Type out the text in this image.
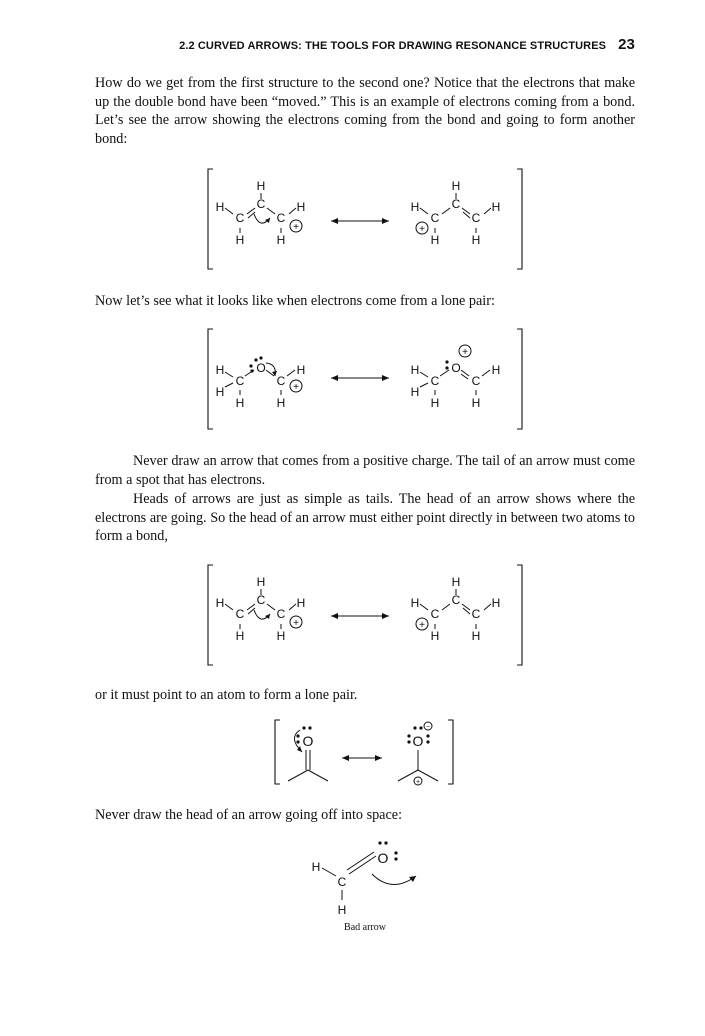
2.2 CURVED ARROWS: THE TOOLS FOR DRAWING RESONANCE STRUCTURES 23

How do we get from the first structure to the second one? Notice that the electrons that make up the double bond have been “moved.” This is an example of electrons coming from a bond. Let’s see the arrow showing the electrons coming from the bond and going to form another bond:

H
H
C
C
C
H
H	H
+
H
H
C
C
C
H
H	H
+

Now let’s see what it looks like when electrons come from a lone pair:

H
H
C
O
C
H
H	H
+
H
H
C
O
C
H
H	H
+

Never draw an arrow that comes from a positive charge. The tail of an arrow must come from a spot that has electrons.

Heads of arrows are just as simple as tails. The head of an arrow shows where the electrons are going. So the head of an arrow must either point directly in between two atoms to form a bond,

H
H
C
C
C
H
H	H
+
H
H
C
C
C
H
H	H
+

or it must point to an atom to form a lone pair.

O	O
−
+

Never draw the head of an arrow going off into space:

H
C
O
H
Bad arrow
